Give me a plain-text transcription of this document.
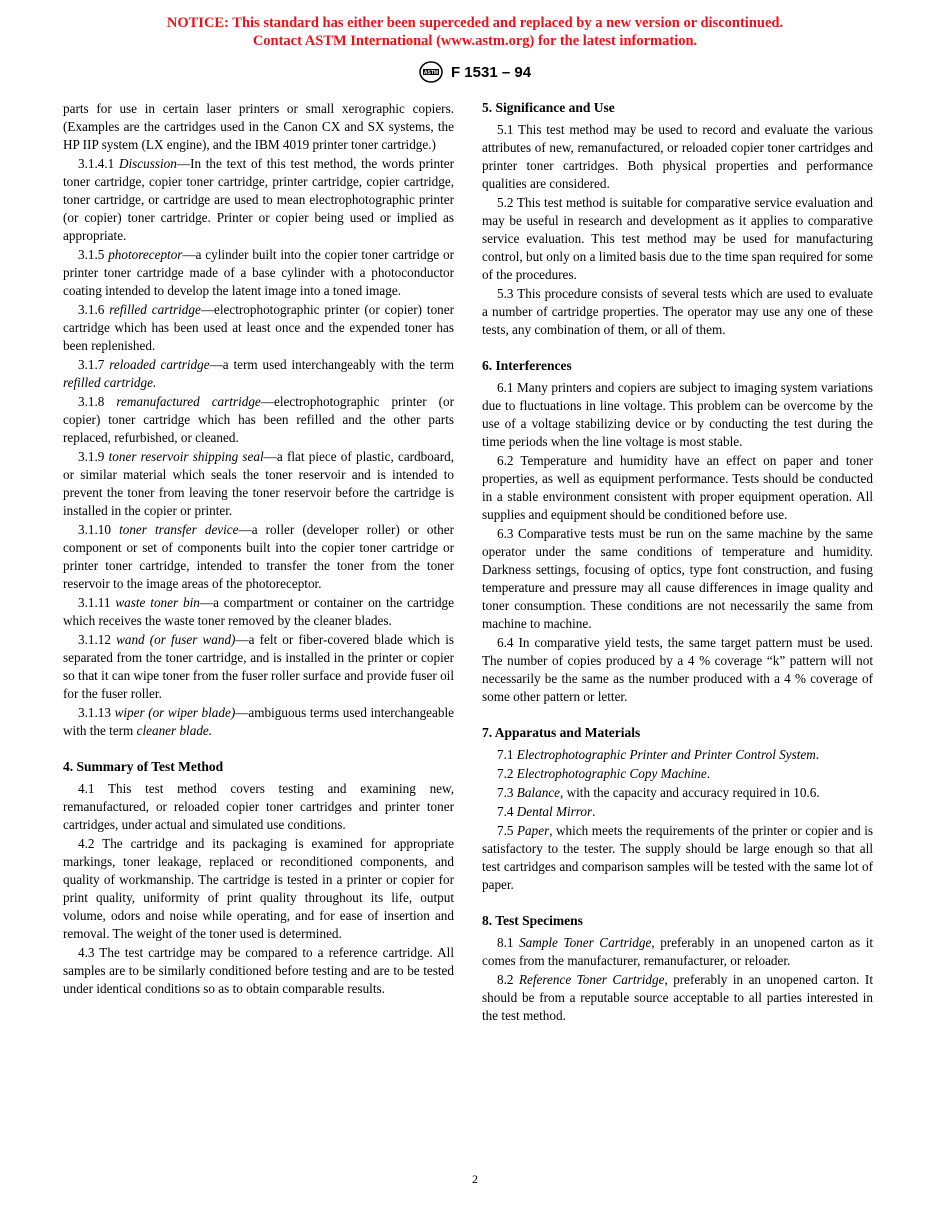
NOTICE: This standard has either been superceded and replaced by a new version or discontinued.
Contact ASTM International (www.astm.org) for the latest information.
ASTM F 1531 – 94

parts for use in certain laser printers or small xerographic copiers. (Examples are the cartridges used in the Canon CX and SX systems, the HP IIP system (LX engine), and the IBM 4019 printer toner cartridge.)

3.1.4.1 Discussion—In the text of this test method, the words printer toner cartridge, copier toner cartridge, printer cartridge, copier cartridge, toner cartridge, or cartridge are used to mean electrophotographic printer (or copier) toner cartridge. Printer or copier being used or implied as appropriate.

3.1.5 photoreceptor—a cylinder built into the copier toner cartridge or printer toner cartridge made of a base cylinder with a photoconductor coating intended to develop the latent image into a toned image.

3.1.6 refilled cartridge—electrophotographic printer (or copier) toner cartridge which has been used at least once and the expended toner has been replenished.

3.1.7 reloaded cartridge—a term used interchangeably with the term refilled cartridge.

3.1.8 remanufactured cartridge—electrophotographic printer (or copier) toner cartridge which has been refilled and the other parts replaced, refurbished, or cleaned.

3.1.9 toner reservoir shipping seal—a flat piece of plastic, cardboard, or similar material which seals the toner reservoir and is intended to prevent the toner from leaving the toner reservoir before the cartridge is installed in the copier or printer.

3.1.10 toner transfer device—a roller (developer roller) or other component or set of components built into the copier toner cartridge or printer toner cartridge, intended to transfer the toner from the toner reservoir to the image areas of the photoreceptor.

3.1.11 waste toner bin—a compartment or container on the cartridge which receives the waste toner removed by the cleaner blades.

3.1.12 wand (or fuser wand)—a felt or fiber-covered blade which is separated from the toner cartridge, and is installed in the printer or copier so that it can wipe toner from the fuser roller surface and provide fuser oil for the fuser roller.

3.1.13 wiper (or wiper blade)—ambiguous terms used interchangeable with the term cleaner blade.

4. Summary of Test Method

4.1 This test method covers testing and examining new, remanufactured, or reloaded copier toner cartridges and printer toner cartridges, under actual and simulated use conditions.

4.2 The cartridge and its packaging is examined for appropriate markings, toner leakage, replaced or reconditioned components, and quality of workmanship. The cartridge is tested in a printer or copier for print quality, uniformity of print quality throughout its life, output volume, odors and noise while operating, and for ease of insertion and removal. The weight of the toner used is determined.

4.3 The test cartridge may be compared to a reference cartridge. All samples are to be similarly conditioned before testing and are to be tested under identical conditions so as to obtain comparable results.

5. Significance and Use

5.1 This test method may be used to record and evaluate the various attributes of new, remanufactured, or reloaded copier toner cartridges and printer toner cartridges. Both physical properties and performance qualities are considered.

5.2 This test method is suitable for comparative service evaluation and may be useful in research and development as it applies to comparative service evaluation. This test method may be used for manufacturing control, but only on a limited basis due to the time span required for some of the procedures.

5.3 This procedure consists of several tests which are used to evaluate a number of cartridge properties. The operator may use any one of these tests, any combination of them, or all of them.

6. Interferences

6.1 Many printers and copiers are subject to imaging system variations due to fluctuations in line voltage. This problem can be overcome by the use of a voltage stabilizing device or by conducting the test during the time periods when the line voltage is most stable.

6.2 Temperature and humidity have an effect on paper and toner properties, as well as equipment performance. Tests should be conducted in a stable environment consistent with proper equipment operation. All supplies and equipment should be conditioned before use.

6.3 Comparative tests must be run on the same machine by the same operator under the same conditions of temperature and humidity. Darkness settings, focusing of optics, type font construction, and fusing temperature and pressure may all cause differences in image quality and toner consumption. These conditions are not necessarily the same from machine to machine.

6.4 In comparative yield tests, the same target pattern must be used. The number of copies produced by a 4 % coverage “k” pattern will not necessarily be the same as the number produced with a 4 % coverage of some other pattern or letter.

7. Apparatus and Materials

7.1 Electrophotographic Printer and Printer Control System.

7.2 Electrophotographic Copy Machine.

7.3 Balance, with the capacity and accuracy required in 10.6.

7.4 Dental Mirror.

7.5 Paper, which meets the requirements of the printer or copier and is satisfactory to the tester. The supply should be large enough so that all test cartridges and comparison samples will be tested with the same lot of paper.

8. Test Specimens

8.1 Sample Toner Cartridge, preferably in an unopened carton as it comes from the manufacturer, remanufacturer, or reloader.

8.2 Reference Toner Cartridge, preferably in an unopened carton. It should be from a reputable source acceptable to all parties interested in the test method.

2
